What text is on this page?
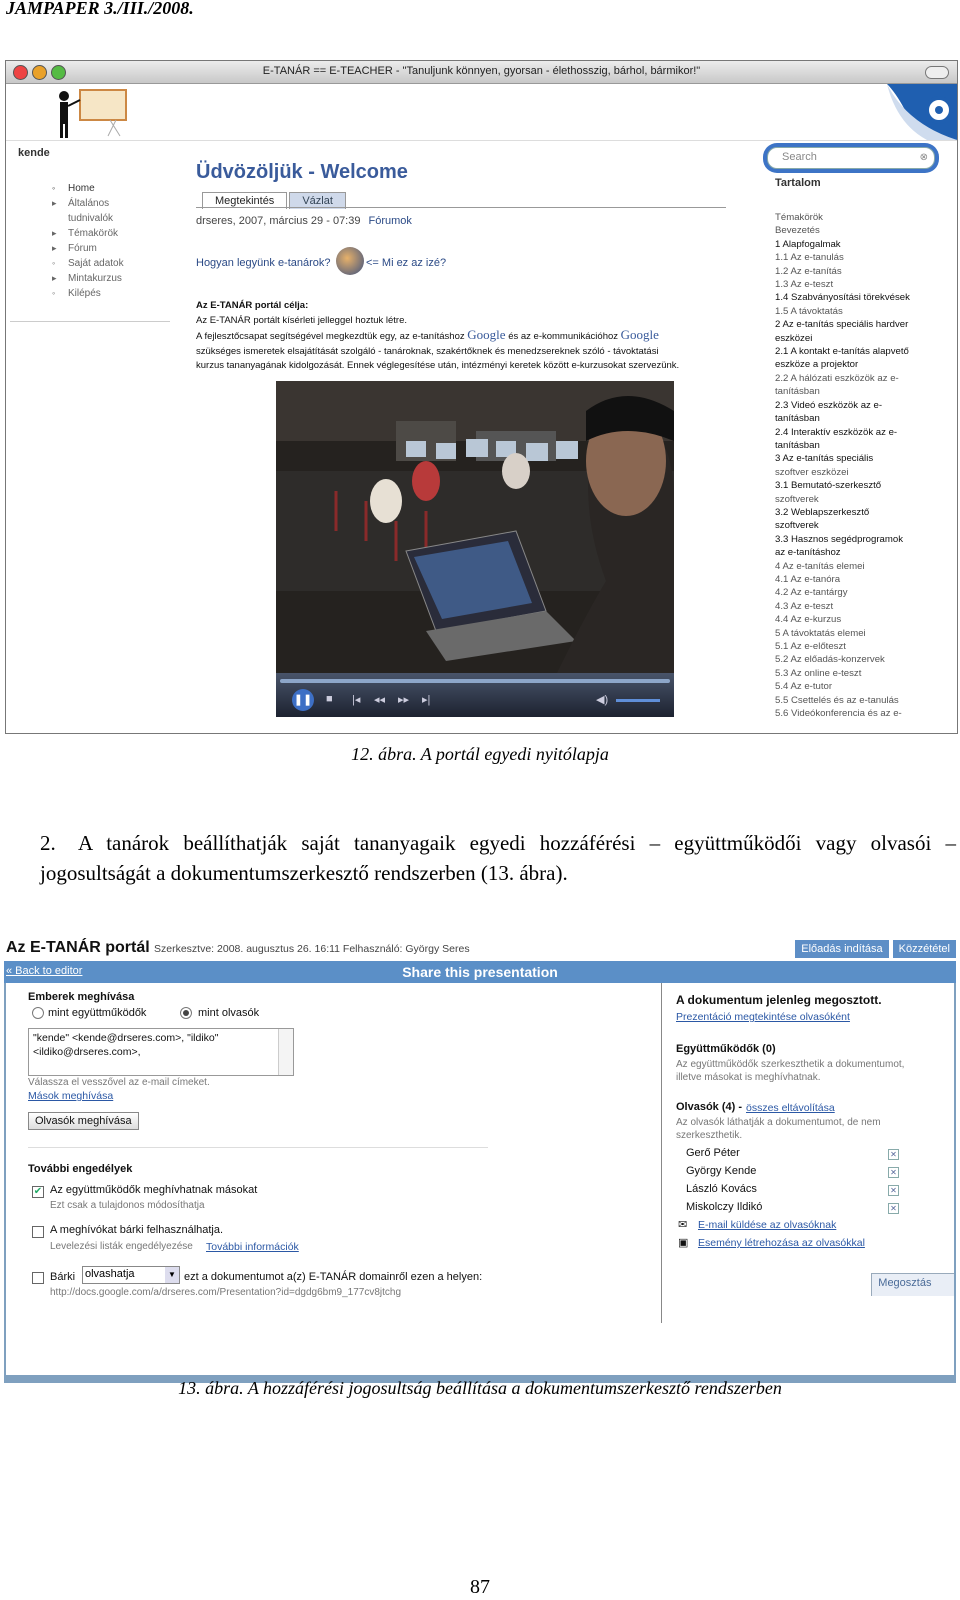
JAMPAPER 3./III./2008.
E-TANÁR == E-TEACHER - "Tanuljunk könnyen, gyorsan - élethosszig, bárhol, bármikor!"
kende
◦ Home
▸ Általános
tudnivalók
▸ Témakörök
▸ Fórum
◦ Saját adatok
▸ Mintakurzus
◦ Kilépés
Üdvözöljük - Welcome
Megtekintés	Vázlat
drseres, 2007, március 29 - 07:39 Fórumok
Hogyan legyünk e-tanárok?	<= Mi ez az izé?
Az E-TANÁR portál célja:
Az E-TANÁR portált kísérleti jelleggel hoztuk létre.
A fejlesztőcsapat segítségével megkezdtük egy, az e-tanításhoz Google és az e-kommunikációhoz Google
szükséges ismeretek elsajátítását szolgáló - tanároknak, szakértőknek és menedzsereknek szóló - távoktatási
kurzus tananyagának kidolgozását. Ennek véglegesítése után, intézményi keretek között e-kurzusokat szervezünk.
❚❚ ■ |◂ ◂◂ ▸▸ ▸|	◀)
Search	⊗
Tartalom
Témakörök
Bevezetés
1 Alapfogalmak
1.1 Az e-tanulás
1.2 Az e-tanítás
1.3 Az e-teszt
1.4 Szabványosítási törekvések
1.5 A távoktatás
2 Az e-tanítás speciális hardver
eszközei
2.1 A kontakt e-tanítás alapvető
eszköze a projektor
2.2 A hálózati eszközök az e-
tanításban
2.3 Videó eszközök az e-
tanításban
2.4 Interaktív eszközök az e-
tanításban
3 Az e-tanítás speciális
szoftver eszközei
3.1 Bemutató-szerkesztő
szoftverek
3.2 Weblapszerkesztő
szoftverek
3.3 Hasznos segédprogramok
az e-tanításhoz
4 Az e-tanítás elemei
4.1 Az e-tanóra
4.2 Az e-tantárgy
4.3 Az e-teszt
4.4 Az e-kurzus
5 A távoktatás elemei
5.1 Az e-előteszt
5.2 Az előadás-konzervek
5.3 Az online e-teszt
5.4 Az e-tutor
5.5 Csettelés és az e-tanulás
5.6 Videókonferencia és az e-
12. ábra. A portál egyedi nyitólapja
2. A tanárok beállíthatják saját tananyagaik egyedi hozzáférési – együttműködői vagy olvasói – jogosultságát a dokumentumszerkesztő rendszerben (13. ábra).
Az E-TANÁR portál Szerkesztve: 2008. augusztus 26. 16:11 Felhasználó: György Seres	Előadás indítása
Megosztás
Közzététel
« Back to editor	Share this presentation
Emberek meghívása
mint együttműködők	mint olvasók
"kende" <kende@drseres.com>, "ildiko"
<ildiko@drseres.com>,
Válassza el vesszővel az e-mail címeket.
Mások meghívása
Olvasók meghívása
További engedélyek
✔ Az együttműködők meghívhatnak másokat
Ezt csak a tulajdonos módosíthatja
A meghívókat bárki felhasználhatja.
Levelezési listák engedélyezése További információk
Bárki olvashatja	▼ ezt a dokumentumot a(z) E-TANÁR domainről ezen a helyen:
http://docs.google.com/a/drseres.com/Presentation?id=dgdg6bm9_177cv8jtchg
A dokumentum jelenleg megosztott.
Prezentáció megtekintése olvasóként
Együttműködők (0)
Az együttműködők szerkeszthetik a dokumentumot,
illetve másokat is meghívhatnak.
Olvasók (4) - összes eltávolítása
Az olvasók láthatják a dokumentumot, de nem
szerkeszthetik.
Gerő Péter	✕
György Kende	✕
László Kovács	✕
Miskolczy Ildikó	✕
✉ E-mail küldése az olvasóknak
▣ Esemény létrehozása az olvasókkal
13. ábra. A hozzáférési jogosultság beállítása a dokumentumszerkesztő rendszerben
87
